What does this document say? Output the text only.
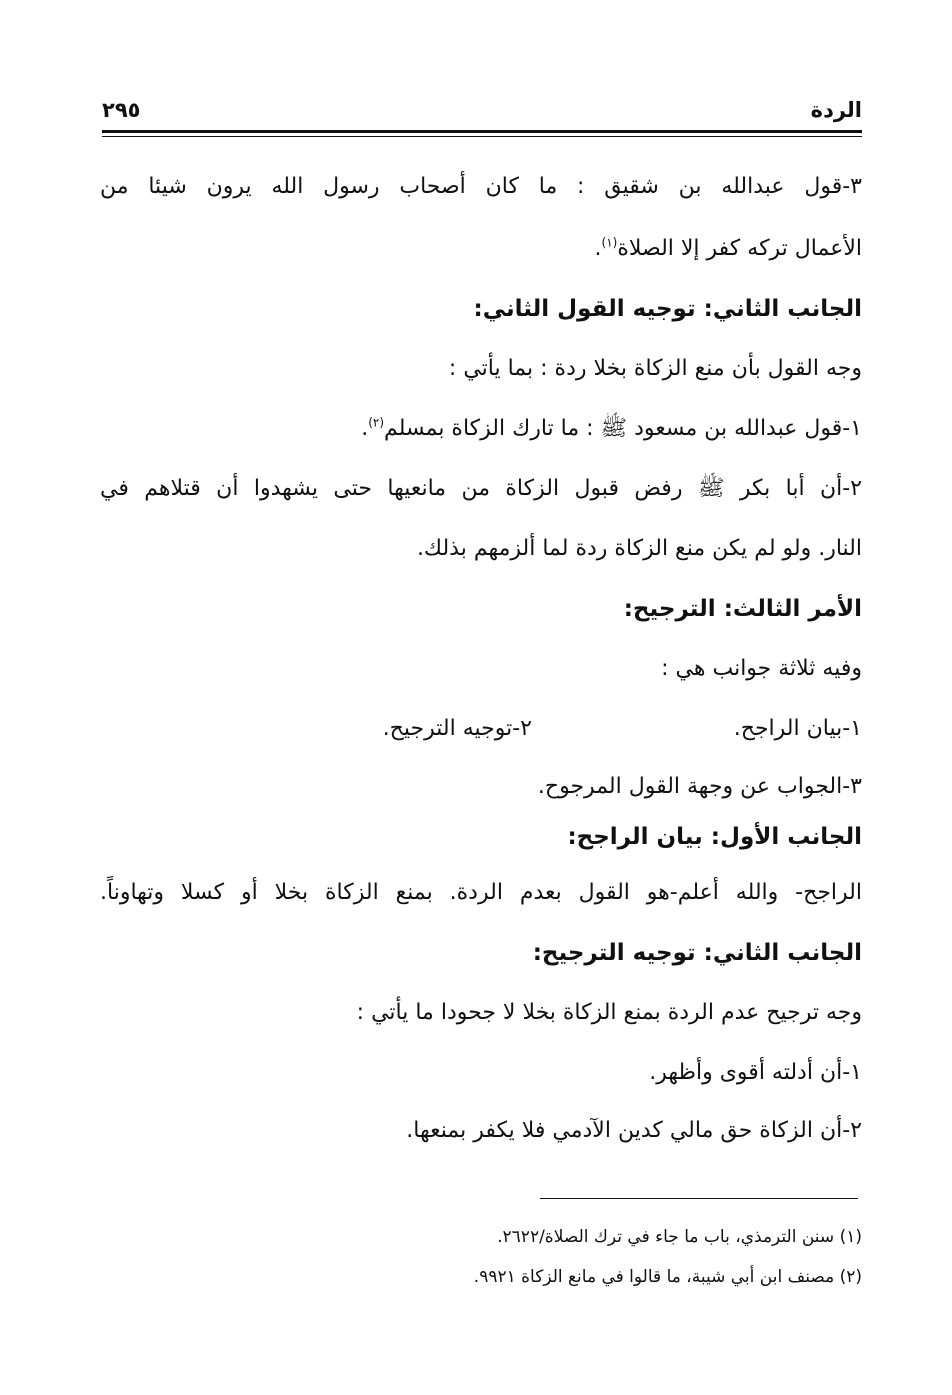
الردة
٢٩٥
٣-قول عبدالله بن شقيق : ما كان أصحاب رسول الله يرون شيئا من
الأعمال تركه كفر إلا الصلاة$^{(١)}$.
الجانب الثاني: توجيه القول الثاني:
وجه القول بأن منع الزكاة بخلا ردة : بما يأتي :
١-قول عبدالله بن مسعود ﷺ : ما تارك الزكاة بمسلم$^{(٢)}$.
٢-أن أبا بكر ﷺ رفض قبول الزكاة من مانعيها حتى يشهدوا أن قتلاهم في
النار. ولو لم يكن منع الزكاة ردة لما ألزمهم بذلك.
الأمر الثالث: الترجيح:
وفيه ثلاثة جوانب هي :
١-بيان الراجح.
٢-توجيه الترجيح.
٣-الجواب عن وجهة القول المرجوح.
الجانب الأول: بيان الراجح:
الراجح- والله أعلم-هو القول بعدم الردة. بمنع الزكاة بخلا أو كسلا وتهاوناً.
الجانب الثاني: توجيه الترجيح:
وجه ترجيح عدم الردة بمنع الزكاة بخلا لا جحودا ما يأتي :
١-أن أدلته أقوى وأظهر.
٢-أن الزكاة حق مالي كدين الآدمي فلا يكفر بمنعها.
(١) سنن الترمذي، باب ما جاء في ترك الصلاة/٢٦٢٢.
(٢) مصنف ابن أبي شيبة، ما قالوا في مانع الزكاة ٩٩٢١.
